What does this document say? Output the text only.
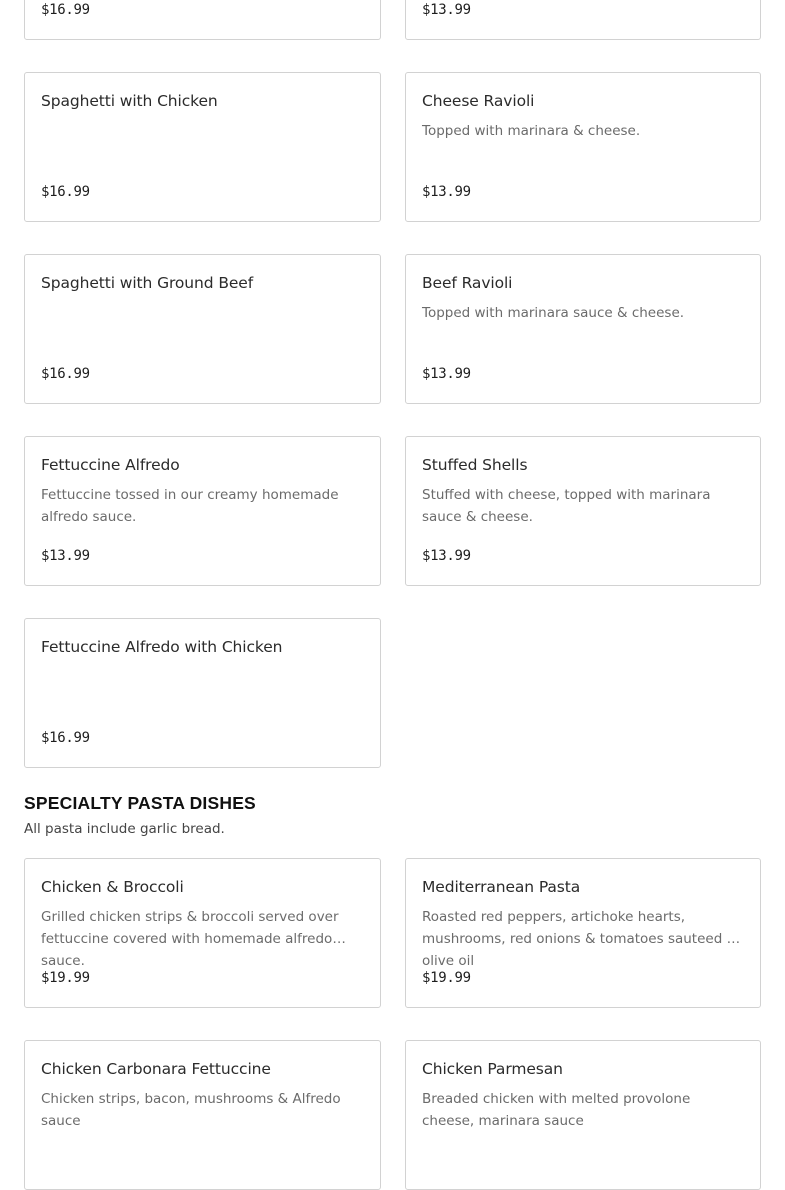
$16.99	$13.99
Spaghetti with Chicken
$16.99
Cheese Ravioli
Topped with marinara & cheese.
$13.99
Spaghetti with Ground Beef
$16.99
Beef Ravioli
Topped with marinara sauce & cheese.
$13.99
Fettuccine Alfredo
Fettuccine tossed in our creamy homemade alfredo sauce.
$13.99
Stuffed Shells
Stuffed with cheese, topped with marinara sauce & cheese.
$13.99
Fettuccine Alfredo with Chicken
$16.99
SPECIALTY PASTA DISHES

All pasta include garlic bread.

Chicken & Broccoli
Grilled chicken strips & broccoli served over fettuccine covered with homemade alfredo sauce.
$19.99
Mediterranean Pasta
Roasted red peppers, artichoke hearts, mushrooms, red onions & tomatoes sauteed in olive oil
$19.99
Chicken Carbonara Fettuccine
Chicken strips, bacon, mushrooms & Alfredo sauce
Chicken Parmesan
Breaded chicken with melted provolone cheese, marinara sauce
